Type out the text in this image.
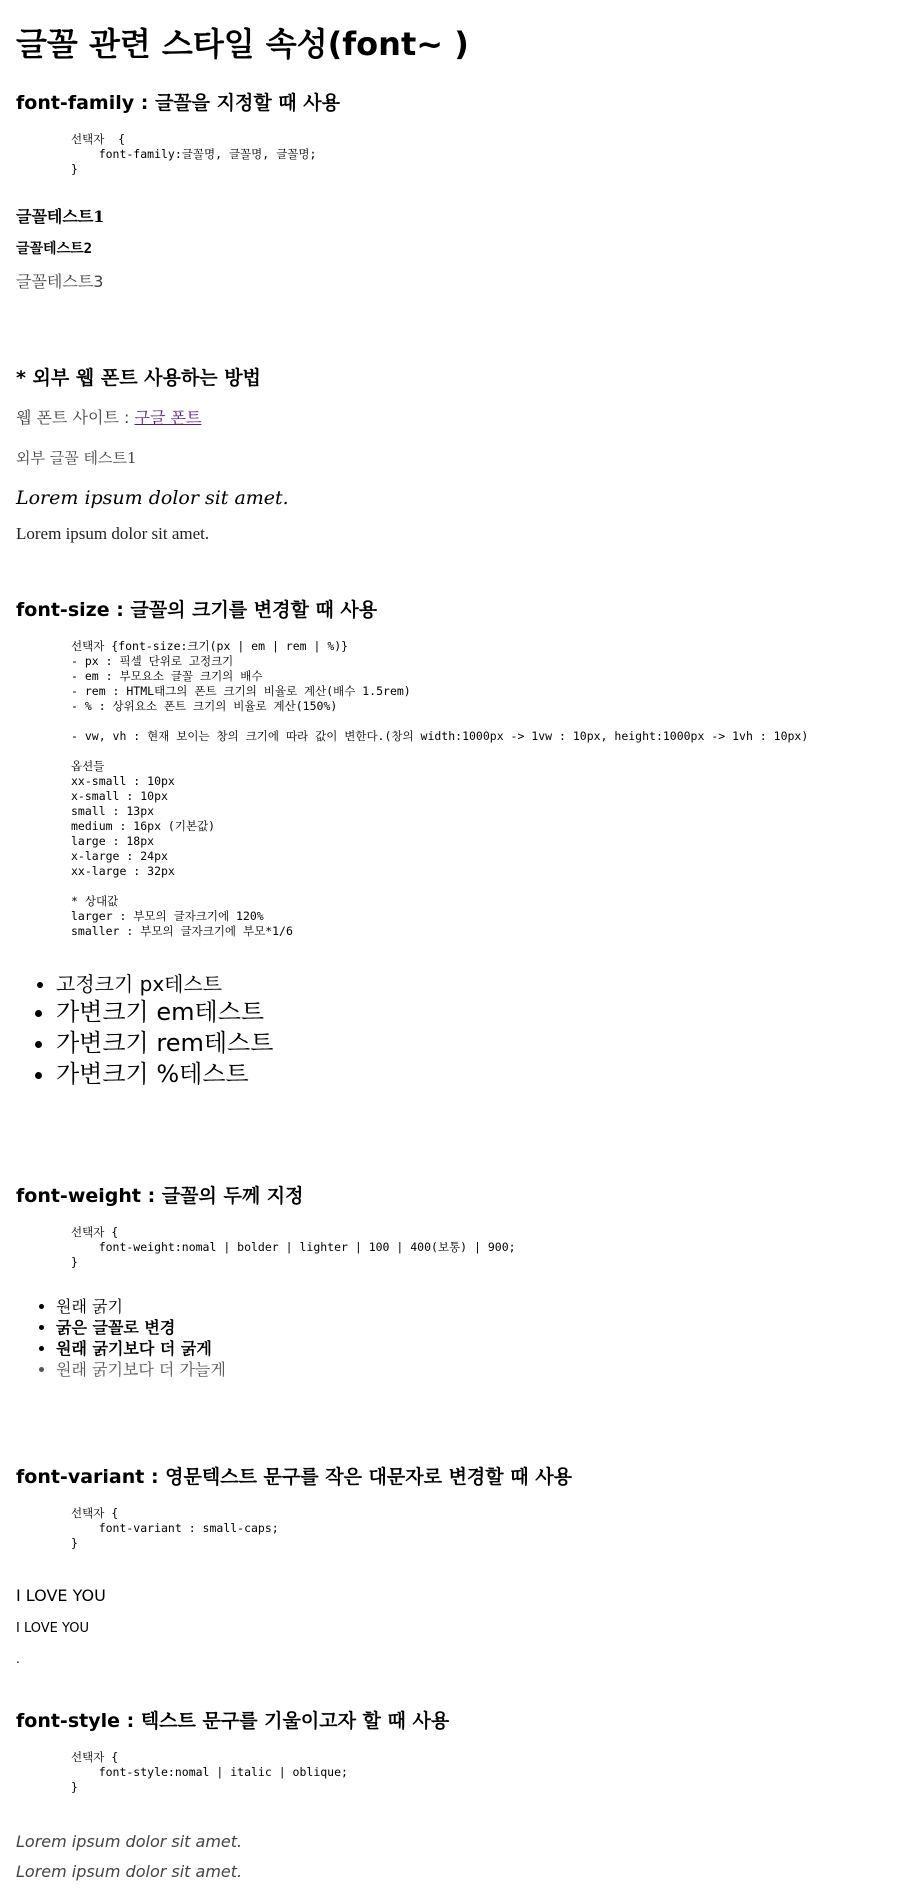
글꼴 관련 스타일 속성(font~ )
font-family : 글꼴을 지정할 때 사용
선택자  {
font-family:글꼴명, 글꼴명, 글꼴명;
}

글꼴테스트1

글꼴테스트2

글꼴테스트3

* 외부 웹 폰트 사용하는 방법

웹 폰트 사이트 : 구글 폰트

외부 글꼴 테스트1

Lorem ipsum dolor sit amet.

Lorem ipsum dolor sit amet.

font-size : 글꼴의 크기를 변경할 때 사용
선택자 {font-size:크기(px | em | rem | %)}
- px : 픽셀 단위로 고정크기
- em : 부모요소 글꼴 크기의 배수
- rem : HTML태그의 폰트 크기의 비율로 계산(배수 1.5rem)
- % : 상위요소 폰트 크기의 비율로 계산(150%)

- vw, vh : 현재 보이는 창의 크기에 따라 값이 변한다.(창의 width:1000px -> 1vw : 10px, height:1000px -> 1vh : 10px)

옵션들
xx-small : 10px
x-small : 10px
small : 13px
medium : 16px (기본값)
large : 18px
x-large : 24px
xx-large : 32px

* 상대값
larger : 부모의 글자크기에 120%
smaller : 부모의 글자크기에 부모*1/6
• 고정크기 px테스트
• 가변크기 em테스트
• 가변크기 rem테스트
• 가변크기 %테스트
font-weight : 글꼴의 두께 지정
선택자 {
font-weight:nomal | bolder | lighter | 100 | 400(보통) | 900;
}
• 원래 굵기
• 굵은 글꼴로 변경
• 원래 굵기보다 더 굵게
• 원래 굵기보다 더 가늘게
font-variant : 영문텍스트 문구를 작은 대문자로 변경할 때 사용
선택자 {
font-variant : small-caps;
}

I LOVE YOU

I LOVE YOU

.

font-style : 텍스트 문구를 기울이고자 할 때 사용
선택자 {
font-style:nomal | italic | oblique;
}

Lorem ipsum dolor sit amet.

Lorem ipsum dolor sit amet.
